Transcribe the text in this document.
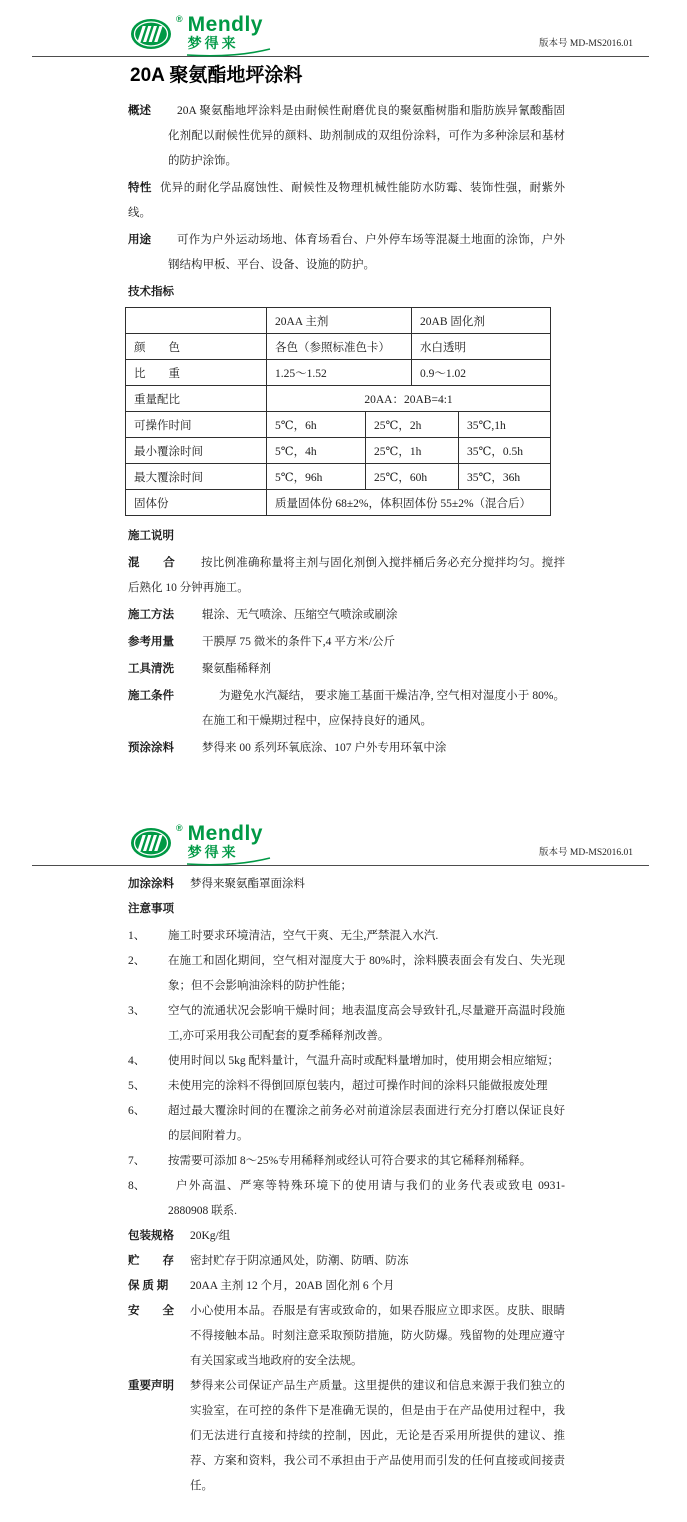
® Mendly
梦得来	版本号 MD-MS2016.01
20A 聚氨酯地坪涂料
概述	20A 聚氨酯地坪涂料是由耐候性耐磨优良的聚氨酯树脂和脂肪族异氰酸酯固化剂配以耐候性优异的颜料、助剂制成的双组份涂料，可作为多种涂层和基材的防护涂饰。

特性 优异的耐化学品腐蚀性、耐候性及物理机械性能防水防霉、装饰性强，耐紫外线。
用途	可作为户外运动场地、体育场看台、户外停车场等混凝土地面的涂饰，户外钢结构甲板、平台、设备、设施的防护。

技术指标

	20AA 主剂		20AB 固化剂	
颜　　色	各色（参照标准色卡）		水白透明	
比　　重	1.25～1.52		0.9～1.02	
重量配比	20AA：20AB=4:1			
可操作时间	5℃，6h	25℃，2h		35℃,1h
最小覆涂时间	5℃，4h	25℃，1h		35℃，0.5h
最大覆涂时间	5℃，96h	25℃，60h		35℃，36h
固体份	质量固体份 68±2%，体积固体份 55±2%（混合后）			

施工说明

混　　合 按比例准确称量将主剂与固化剂倒入搅拌桶后务必充分搅拌均匀。搅拌后熟化 10 分钟再施工。
施工方法	辊涂、无气喷涂、压缩空气喷涂或刷涂

参考用量	干膜厚 75 微米的条件下,4 平方米/公斤

工具清洗	聚氨酯稀释剂

施工条件	为避免水汽凝结， 要求施工基面干燥洁净, 空气相对湿度小于 80%。在施工和干燥期过程中，应保持良好的通风。

预涂涂料	梦得来 00 系列环氧底涂、107 户外专用环氧中涂

® Mendly
梦得来	版本号 MD-MS2016.01
加涂涂料	梦得来聚氨酯罩面涂料

注意事项

1、	施工时要求环境清洁，空气干爽、无尘,严禁混入水汽.

2、	在施工和固化期间，空气相对湿度大于 80%时，涂料膜表面会有发白、失光现象；但不会影响油涂料的防护性能；

3、	空气的流通状况会影响干燥时间；地表温度高会导致针孔,尽量避开高温时段施工,亦可采用我公司配套的夏季稀释剂改善。

4、	使用时间以 5kg 配料量计，气温升高时或配料量增加时，使用期会相应缩短；

5、	未使用完的涂料不得倒回原包装内，超过可操作时间的涂料只能做报废处理

6、	超过最大覆涂时间的在覆涂之前务必对前道涂层表面进行充分打磨以保证良好的层间附着力。

7、	按需要可添加 8～25%专用稀释剂或经认可符合要求的其它稀释剂稀释。

8、	户外高温、严寒等特殊环境下的使用请与我们的业务代表或致电 0931-2880908 联系.

包装规格	20Kg/组

贮　　存	密封贮存于阴凉通风处，防潮、防晒、防冻

保 质 期	20AA 主剂 12 个月，20AB 固化剂 6 个月

安　　全	小心使用本品。吞服是有害或致命的，如果吞服应立即求医。皮肤、眼睛不得接触本品。时刻注意采取预防措施，防火防爆。残留物的处理应遵守有关国家或当地政府的安全法规。

重要声明	梦得来公司保证产品生产质量。这里提供的建议和信息来源于我们独立的实验室，在可控的条件下是准确无误的，但是由于在产品使用过程中，我们无法进行直接和持续的控制，因此，无论是否采用所提供的建议、推荐、方案和资料，我公司不承担由于产品使用而引发的任何直接或间接责任。
